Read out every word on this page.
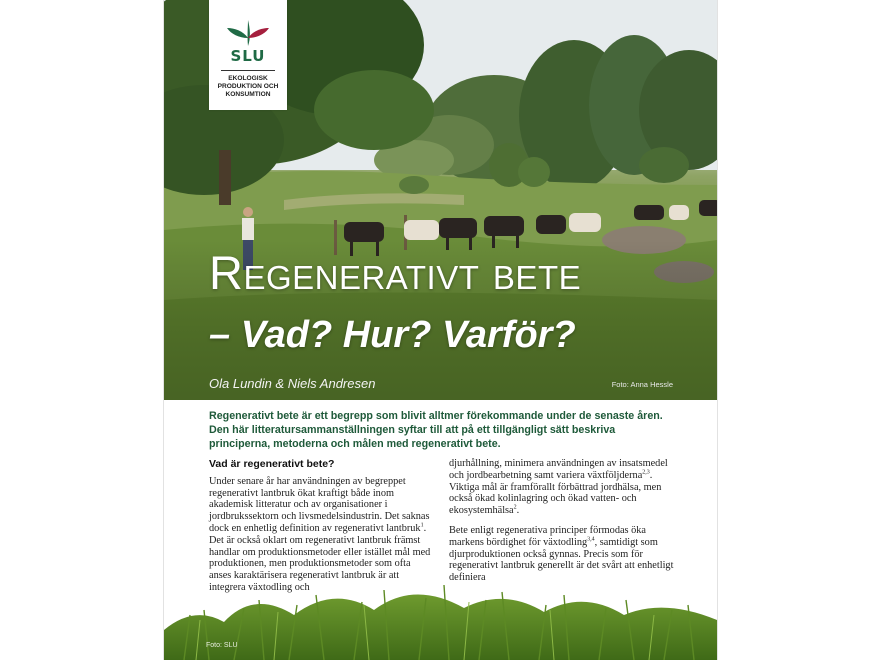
SLU
EKOLOGISK
PRODUKTION OCH
KONSUMTION
Regenerativt bete
– Vad? Hur? Varför?
Ola Lundin & Niels Andresen	Foto: Anna Hessle

Regenerativt bete är ett begrepp som blivit alltmer förekommande under de senaste åren. Den här litteratursammanställningen syftar till att på ett tillgängligt sätt beskriva principerna, metoderna och målen med regenerativt bete.

Vad är regenerativt bete?

Under senare år har användningen av begreppet regenerativt lantbruk ökat kraftigt både inom akademisk litteratur och av organisationer i jordbrukssektorn och livsmedelsindustrin. Det saknas dock en enhetlig definition av regenerativt lantbruk$^1$. Det är också oklart om regenerativt lantbruk främst handlar om produktionsmetoder eller istället mål med produktionen, men produktionsmetoder som ofta anses karaktärisera regenerativt lantbruk är att integrera växtodling och

djurhållning, minimera användningen av insatsmedel och jordbearbetning samt variera växtföljderna$^{2,3}$. Viktiga mål är framförallt förbättrad jordhälsa, men också ökad kolinlagring och ökad vatten- och ekosystemhälsa$^2$.

Bete enligt regenerativa principer förmodas öka markens bördighet för växtodling$^{3,4}$, samtidigt som djurproduktionen också gynnas. Precis som för regenerativt lantbruk generellt är det svårt att enhetligt definiera

Foto: SLU
